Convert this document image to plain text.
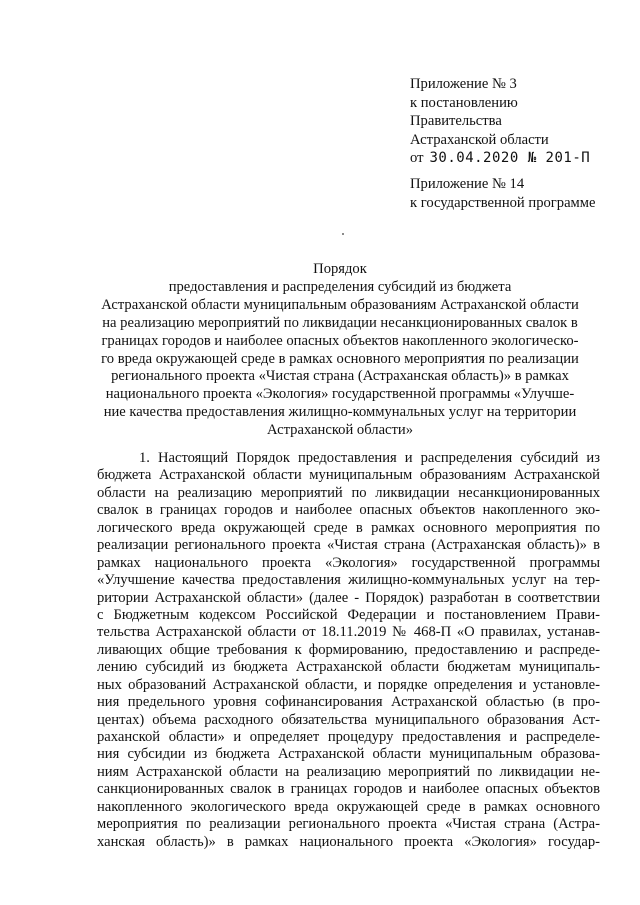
Приложение № 3
к постановлению
Правительства
Астраханской области
от 30.04.2020 № 201-П
Приложение № 14
к государственной программе
Порядок
предоставления и распределения субсидий из бюджета
Астраханской области муниципальным образованиям Астраханской области
на реализацию мероприятий по ликвидации несанкционированных свалок в
границах городов и наиболее опасных объектов накопленного экологическо-
го вреда окружающей среде в рамках основного мероприятия по реализации
регионального проекта «Чистая страна (Астраханская область)» в рамках
национального проекта «Экология» государственной программы «Улучше-
ние качества предоставления жилищно-коммунальных услуг на территории
Астраханской области»
1. Настоящий Порядок предоставления и распределения субсидий из
бюджета Астраханской области муниципальным образованиям Астраханской
области на реализацию мероприятий по ликвидации несанкционированных
свалок в границах городов и наиболее опасных объектов накопленного эко-
логического вреда окружающей среде в рамках основного мероприятия по
реализации регионального проекта «Чистая страна (Астраханская область)» в
рамках национального проекта «Экология» государственной программы
«Улучшение качества предоставления жилищно-коммунальных услуг на тер-
ритории Астраханской области» (далее - Порядок) разработан в соответствии
с Бюджетным кодексом Российской Федерации и постановлением Прави-
тельства Астраханской области от 18.11.2019 № 468-П «О правилах, устанав-
ливающих общие требования к формированию, предоставлению и распреде-
лению субсидий из бюджета Астраханской области бюджетам муниципаль-
ных образований Астраханской области, и порядке определения и установле-
ния предельного уровня софинансирования Астраханской областью (в про-
центах) объема расходного обязательства муниципального образования Аст-
раханской области» и определяет процедуру предоставления и распределе-
ния субсидии из бюджета Астраханской области муниципальным образова-
ниям Астраханской области на реализацию мероприятий по ликвидации не-
санкционированных свалок в границах городов и наиболее опасных объектов
накопленного экологического вреда окружающей среде в рамках основного
мероприятия по реализации регионального проекта «Чистая страна (Астра-
ханская область)» в рамках национального проекта «Экология» государ-
